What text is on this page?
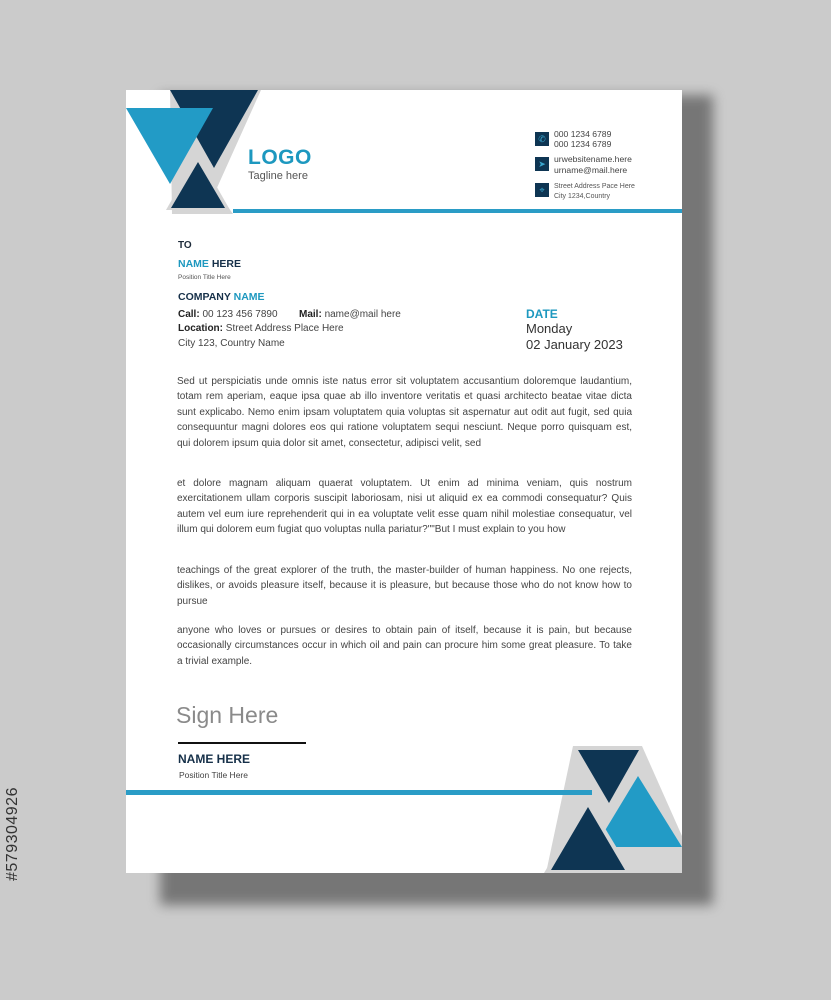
#579304926
LOGO
Tagline here
✆ 000 1234 6789
000 1234 6789
➤ urwebsitename.here
urname@mail.here
⌖	Street Address Pace Here
City 1234,Country
TO
NAME HERE
Position Title Here
COMPANY NAME
Call: 00 123 456 7890 Mail: name@mail here
Location: Street Address Place Here
City 123, Country Name
DATE
Monday
02 January 2023

Sed ut perspiciatis unde omnis iste natus error sit voluptatem accusantium doloremque laudantium, totam rem aperiam, eaque ipsa quae ab illo inventore veritatis et quasi architecto beatae vitae dicta sunt explicabo. Nemo enim ipsam voluptatem quia voluptas sit aspernatur aut odit aut fugit, sed quia consequuntur magni dolores eos qui ratione voluptatem sequi nesciunt. Neque porro quisquam est, qui dolorem ipsum quia dolor sit amet, consectetur, adipisci velit, sed

et dolore magnam aliquam quaerat voluptatem. Ut enim ad minima veniam, quis nostrum exercitationem ullam corporis suscipit laboriosam, nisi ut aliquid ex ea commodi consequatur? Quis autem vel eum iure reprehenderit qui in ea voluptate velit esse quam nihil molestiae consequatur, vel illum qui dolorem eum fugiat quo voluptas nulla pariatur?""But I must explain to you how

teachings of the great explorer of the truth, the master-builder of human happiness. No one rejects, dislikes, or avoids pleasure itself, because it is pleasure, but because those who do not know how to pursue

anyone who loves or pursues or desires to obtain pain of itself, because it is pain, but because occasionally circumstances occur in which oil and pain can procure him some great pleasure. To take a trivial example.

Sign Here
NAME HERE
Position Title Here
